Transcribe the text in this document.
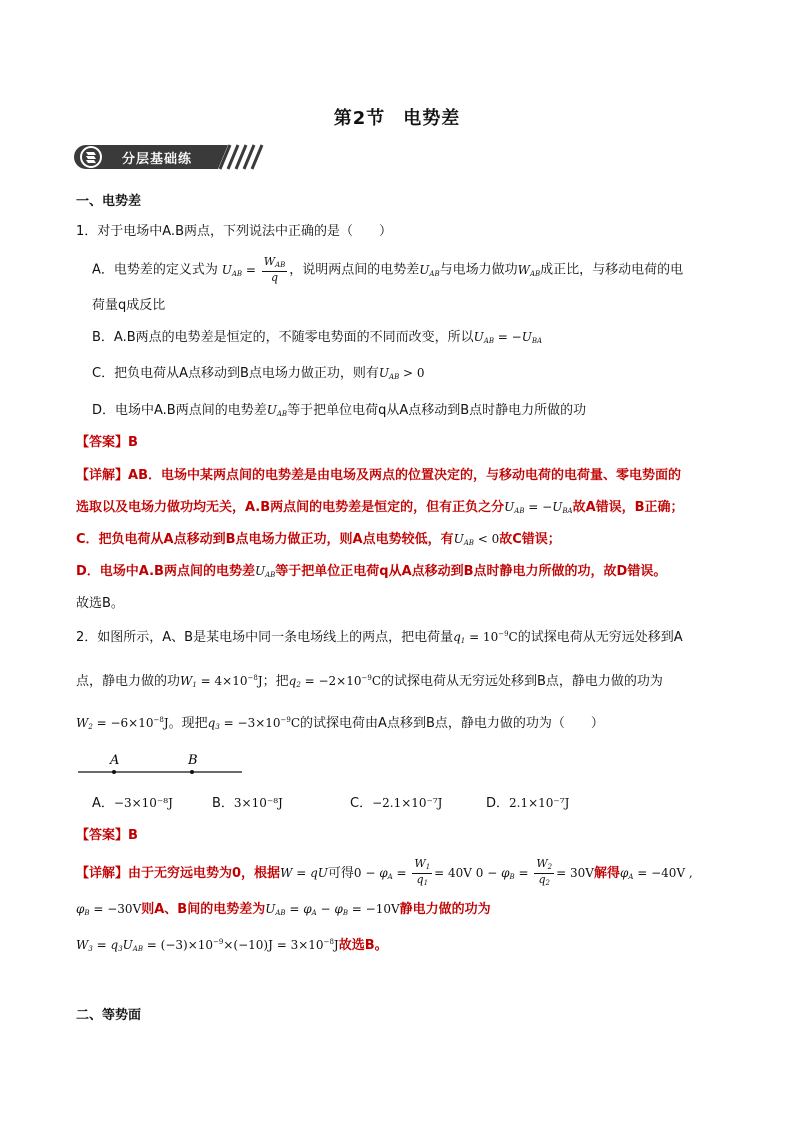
第2节 电势差
分层基础练
一、电势差
1．对于电场中A.B两点，下列说法中正确的是（　　）
A．电势差的定义式为 $U_{AB} = \frac{W_{AB}}{q}$ ，说明两点间的电势差$U_{AB}$与电场力做功$W_{AB}$成正比，与移动电荷的电
荷量q成反比
B．A.B两点的电势差是恒定的，不随零电势面的不同而改变，所以$U_{AB} = -U_{BA}$
C．把负电荷从A点移动到B点电场力做正功，则有$U_{AB} > 0$
D．电场中A.B两点间的电势差$U_{AB}$等于把单位电荷q从A点移动到B点时静电力所做的功
【答案】B
【详解】AB．电场中某两点间的电势差是由电场及两点的位置决定的，与移动电荷的电荷量、零电势面的
选取以及电场力做功均无关，A.B两点间的电势差是恒定的，但有正负之分$U_{AB} = -U_{BA}$故A错误，B正确；
C．把负电荷从A点移动到B点电场力做正功，则A点电势较低，有$U_{AB} < 0$故C错误；
D．电场中A.B两点间的电势差$U_{AB}$等于把单位正电荷q从A点移动到B点时静电力所做的功，故D错误。
故选B。
2．如图所示，A、B是某电场中同一条电场线上的两点，把电荷量$q_1 = 10^{-9}C$的试探电荷从无穷远处移到A
点，静电力做的功$W_1 = 4\times 10^{-8}J$；把$q_2 = -2\times 10^{-9}C$的试探电荷从无穷远处移到B点，静电力做的功为
$W_2 = -6\times 10^{-8}J$。现把$q_3 = -3\times 10^{-9}C$的试探电荷由A点移到B点，静电力做的功为（　　）
A	B
A．−3×10⁻⁸J	B．3×10⁻⁸J	C．−2.1×10⁻⁷J	D．2.1×10⁻⁷J
【答案】B
【详解】由于无穷远电势为0，根据W = qU可得$0 - \varphi_A = \frac{W_1}{q_1} = 40V$ $0 - \varphi_B = \frac{W_2}{q_2} = 30V$解得$\varphi_A = -40V$ ,
$\varphi_B = -30V$则A、B间的电势差为$U_{AB} = \varphi_A - \varphi_B = -10V$静电力做的功为
$W_3 = q_3U_{AB} = (-3)\times 10^{-9}\times(-10)J = 3\times 10^{-8}J$故选B。
二、等势面
